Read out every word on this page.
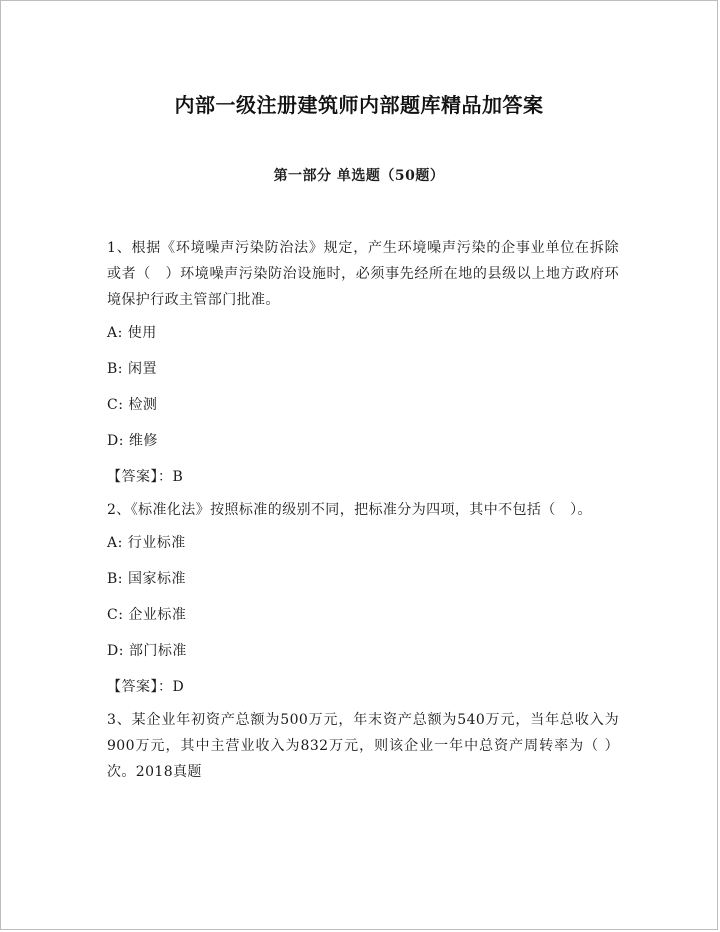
内部一级注册建筑师内部题库精品加答案
第一部分 单选题（50题）

1、根据《环境噪声污染防治法》规定，产生环境噪声污染的企事业单位在拆除或者（　）环境噪声污染防治设施时，必须事先经所在地的县级以上地方政府环境保护行政主管部门批准。

A: 使用

B: 闲置

C: 检测

D: 维修

【答案】：B

2、《标准化法》按照标准的级别不同，把标准分为四项，其中不包括（　）。

A: 行业标准

B: 国家标准

C: 企业标准

D: 部门标准

【答案】：D

3、某企业年初资产总额为500万元，年末资产总额为540万元，当年总收入为900万元，其中主营业收入为832万元，则该企业一年中总资产周转率为（ ）次。2018真题
